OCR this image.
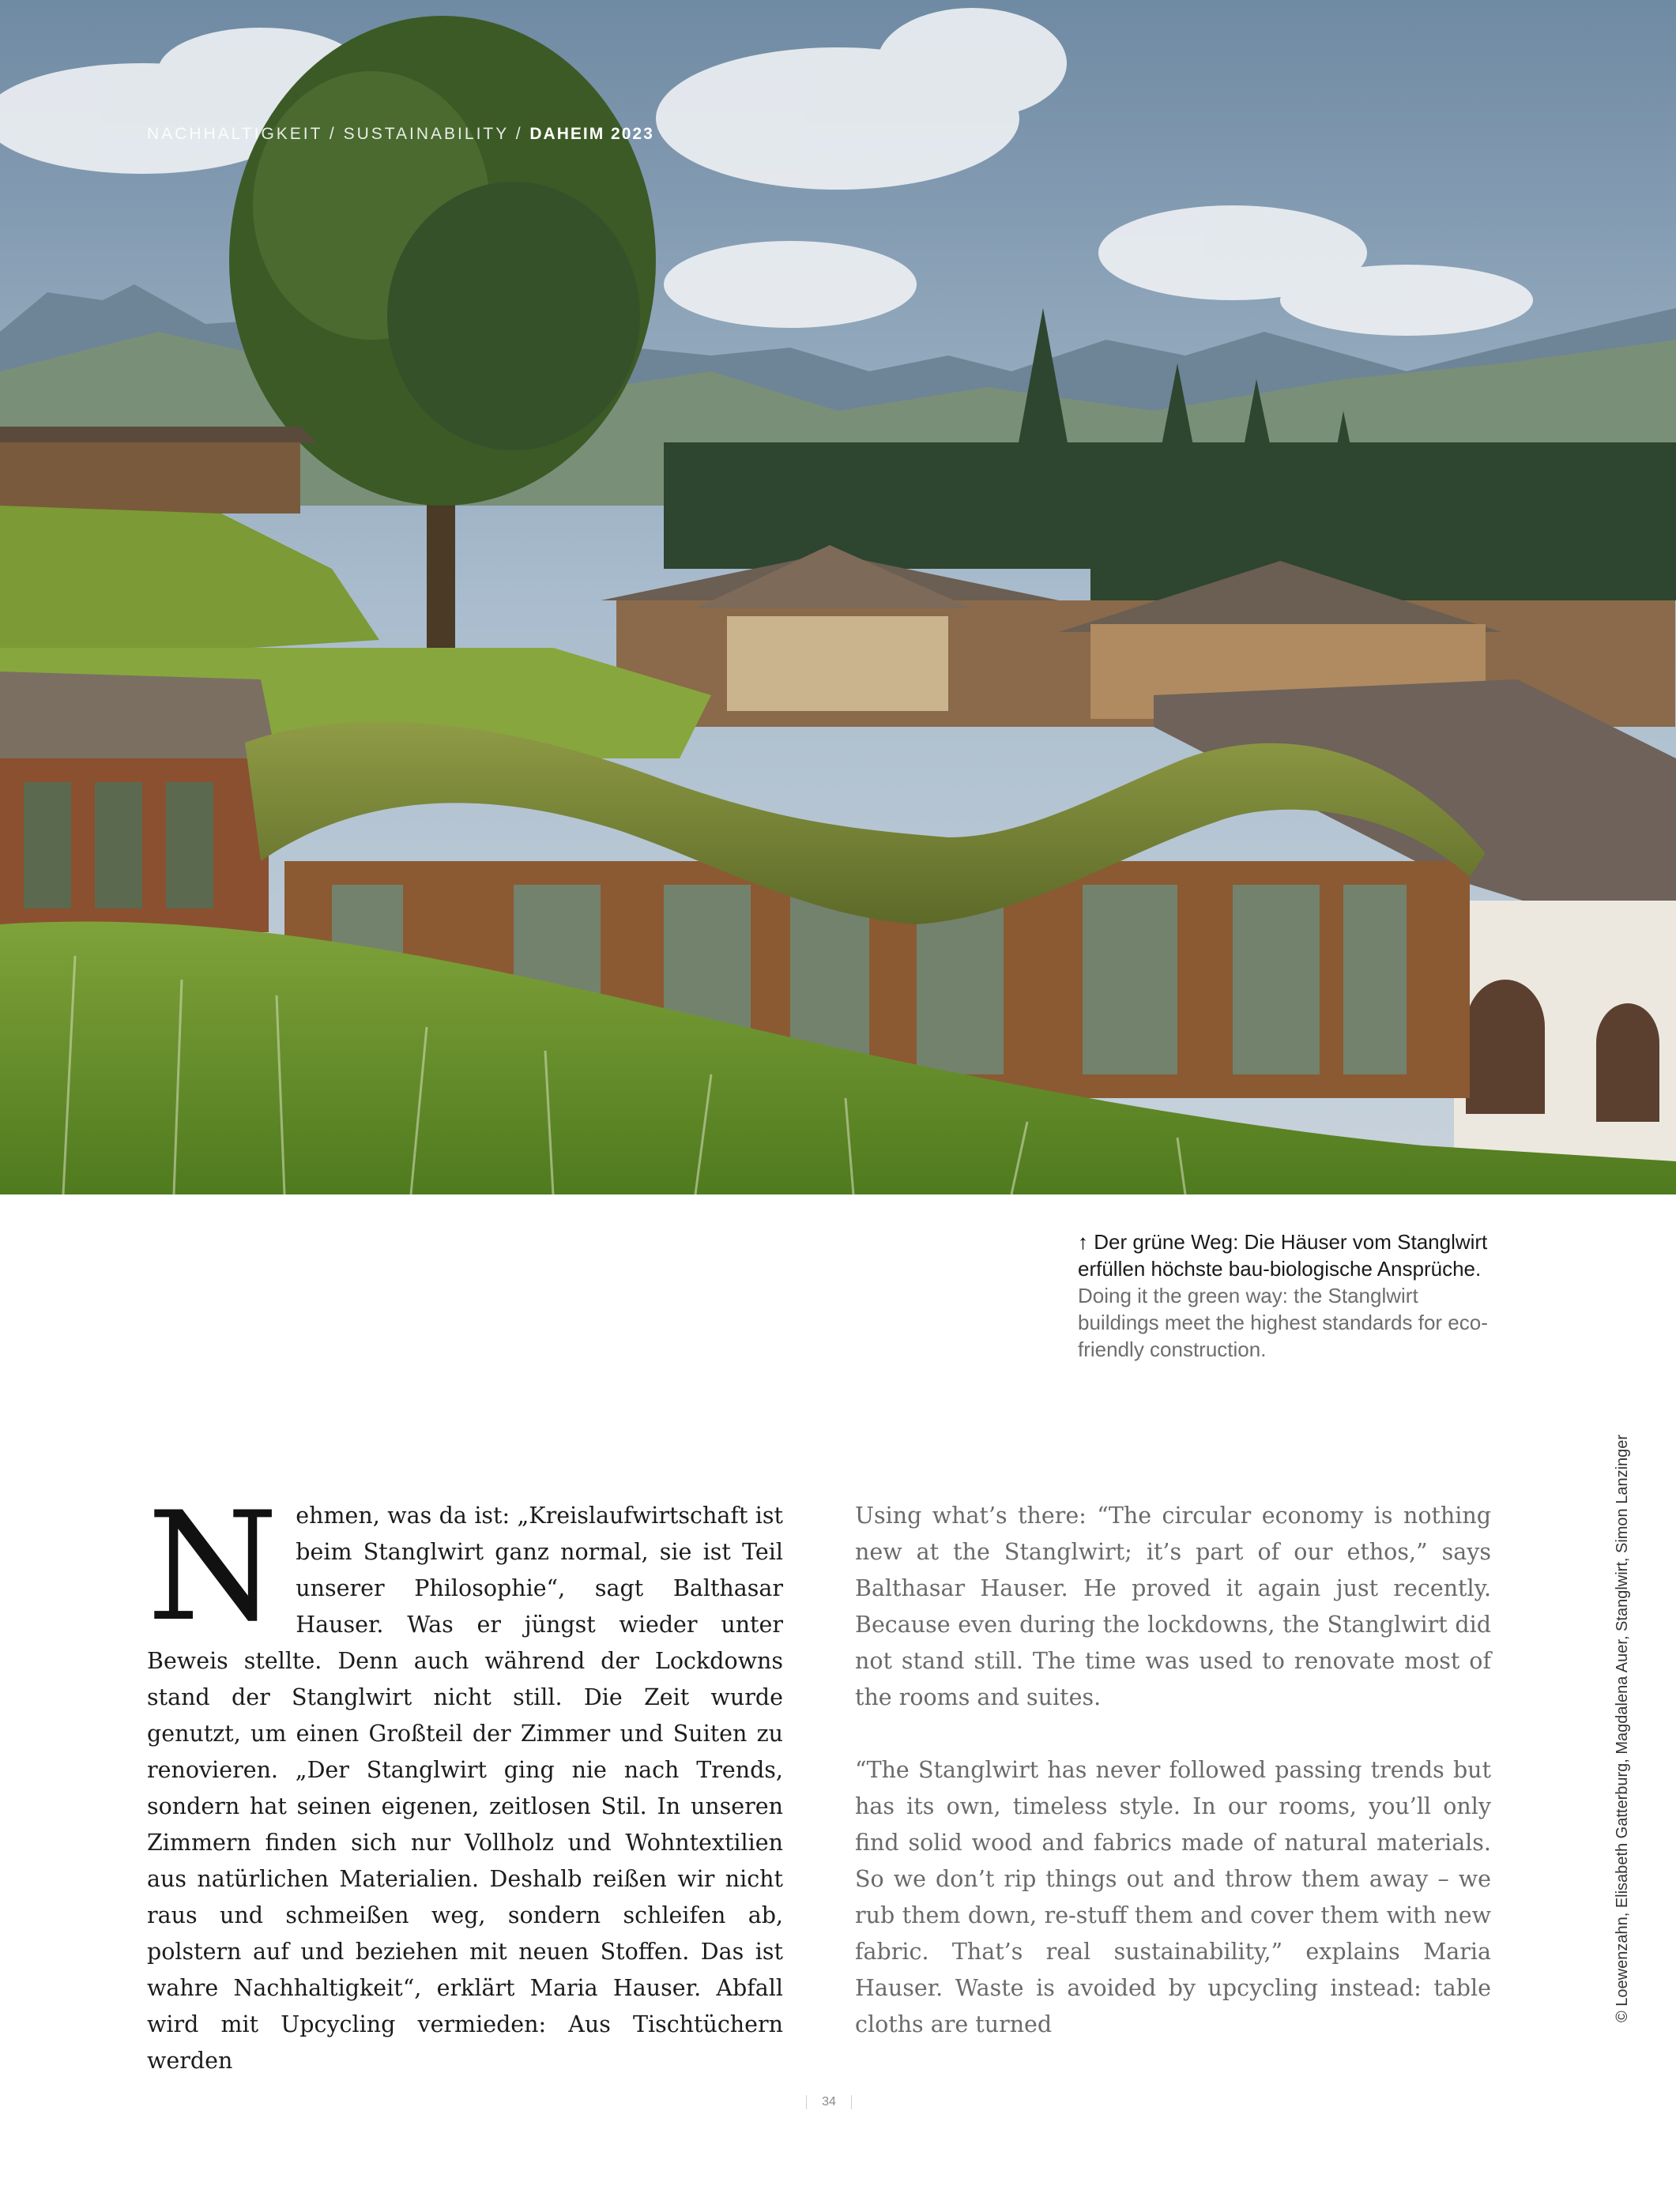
NACHHALTIGKEIT / SUSTAINABILITY / DAHEIM 2023
↑ Der grüne Weg: Die Häuser vom Stanglwirt erfüllen höchste bau-biologische Ansprüche.
Doing it the green way: the Stanglwirt buildings meet the highest standards for eco-friendly construction.
© Loewenzahn, Elisabeth Gatterburg, Magdalena Auer, Stanglwirt, Simon Lanzinger

Nehmen, was da ist: „Kreislaufwirtschaft ist beim Stanglwirt ganz normal, sie ist Teil unserer Philosophie“, sagt Balthasar Hauser. Was er jüngst wieder unter Beweis stellte. Denn auch während der Lockdowns stand der Stanglwirt nicht still. Die Zeit wurde genutzt, um einen Großteil der Zimmer und Suiten zu renovieren. „Der Stanglwirt ging nie nach Trends, sondern hat seinen eigenen, zeitlosen Stil. In unseren Zimmern finden sich nur Vollholz und Wohntextilien aus natürlichen Materialien. Deshalb reißen wir nicht raus und schmeißen weg, sondern schleifen ab, polstern auf und beziehen mit neuen Stoffen. Das ist wahre Nachhaltigkeit“, erklärt Maria Hauser. Abfall wird mit Upcycling vermieden: Aus Tischtüchern werden

Using what’s there: “The circular economy is nothing new at the Stanglwirt; it’s part of our ethos,” says Balthasar Hauser. He proved it again just recently. Because even during the lockdowns, the Stanglwirt did not stand still. The time was used to renovate most of the rooms and suites.

“The Stanglwirt has never followed passing trends but has its own, timeless style. In our rooms, you’ll only find solid wood and fabrics made of natural materials. So we don’t rip things out and throw them away – we rub them down, re-stuff them and cover them with new fabric. That’s real sustainability,” explains Maria Hauser. Waste is avoided by upcycling instead: table cloths are turned

34
